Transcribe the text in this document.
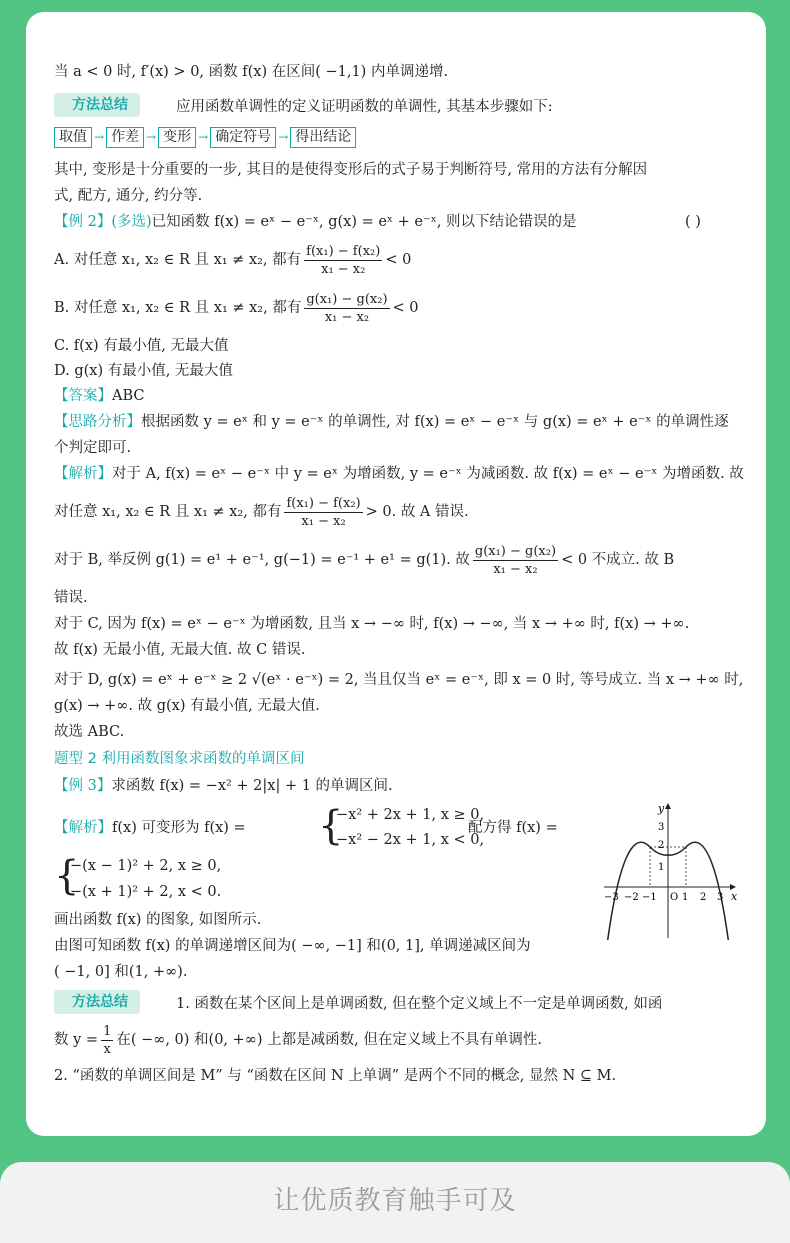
当 a < 0 时, f′(x) > 0, 函数 f(x) 在区间( −1,1) 内单调递增.
方法总结	应用函数单调性的定义证明函数的单调性, 其基本步骤如下:
取值 → 作差 → 变形 → 确定符号 → 得出结论
其中, 变形是十分重要的一步, 其目的是使得变形后的式子易于判断符号, 常用的方法有分解因
式, 配方, 通分, 约分等.
【例 2】(多选)已知函数 f(x) = eˣ − e⁻ˣ, g(x) = eˣ + e⁻ˣ, 则以下结论错误的是	( )
A. 对任意 x₁, x₂ ∈ R 且 x₁ ≠ x₂, 都有 $\frac{\text{f(x₁) − f(x₂)}}{\text{x₁ − x₂}} < 0$
B. 对任意 x₁, x₂ ∈ R 且 x₁ ≠ x₂, 都有 $\frac{\text{g(x₁) − g(x₂)}}{\text{x₁ − x₂}} < 0$
C. f(x) 有最小值, 无最大值
D. g(x) 有最小值, 无最大值
【答案】ABC
【思路分析】根据函数 y = eˣ 和 y = e⁻ˣ 的单调性, 对 f(x) = eˣ − e⁻ˣ 与 g(x) = eˣ + e⁻ˣ 的单调性逐
个判定即可.
【解析】对于 A, f(x) = eˣ − e⁻ˣ 中 y = eˣ 为增函数, y = e⁻ˣ 为减函数. 故 f(x) = eˣ − e⁻ˣ 为增函数. 故
对任意 x₁, x₂ ∈ R 且 x₁ ≠ x₂, 都有 $\frac{\text{f(x₁) − f(x₂)}}{\text{x₁ − x₂}} > 0$. 故 A 错误.
对于 B, 举反例 g(1) = e¹ + e⁻¹, g(−1) = e⁻¹ + e¹ = g(1). 故 $\frac{\text{g(x₁) − g(x₂)}}{\text{x₁ − x₂}} < 0$ 不成立. 故 B
错误.
对于 C, 因为 f(x) = eˣ − e⁻ˣ 为增函数, 且当 x → −∞ 时, f(x) → −∞, 当 x → +∞ 时, f(x) → +∞.
故 f(x) 无最小值, 无最大值. 故 C 错误.
对于 D, g(x) = eˣ + e⁻ˣ ≥ 2 √(eˣ · e⁻ˣ) = 2, 当且仅当 eˣ = e⁻ˣ, 即 x = 0 时, 等号成立. 当 x → +∞ 时,
g(x) → +∞. 故 g(x) 有最小值, 无最大值.
故选 ABC.
题型 2 利用函数图象求函数的单调区间
【例 3】求函数 f(x) = −x² + 2|x| + 1 的单调区间.
【解析】f(x) 可变形为 f(x) = {
−x² + 2x + 1, x ≥ 0,
−x² − 2x + 1, x < 0,
配方得 f(x) =
{
−(x − 1)² + 2, x ≥ 0,
−(x + 1)² + 2, x < 0.
画出函数 f(x) 的图象, 如图所示.
由图可知函数 f(x) 的单调递增区间为( −∞, −1] 和(0, 1], 单调递减区间为
( −1, 0] 和(1, +∞).
y
x
3
2
1
−3 −2 −1 O 1 2 3
方法总结	1. 函数在某个区间上是单调函数, 但在整个定义域上不一定是单调函数, 如函
数 $y = \frac{1}{x}$ 在( −∞, 0) 和(0, +∞) 上都是减函数, 但在定义域上不具有单调性.
2. “函数的单调区间是 M” 与 “函数在区间 N 上单调” 是两个不同的概念, 显然 N ⊆ M.
让优质教育触手可及
